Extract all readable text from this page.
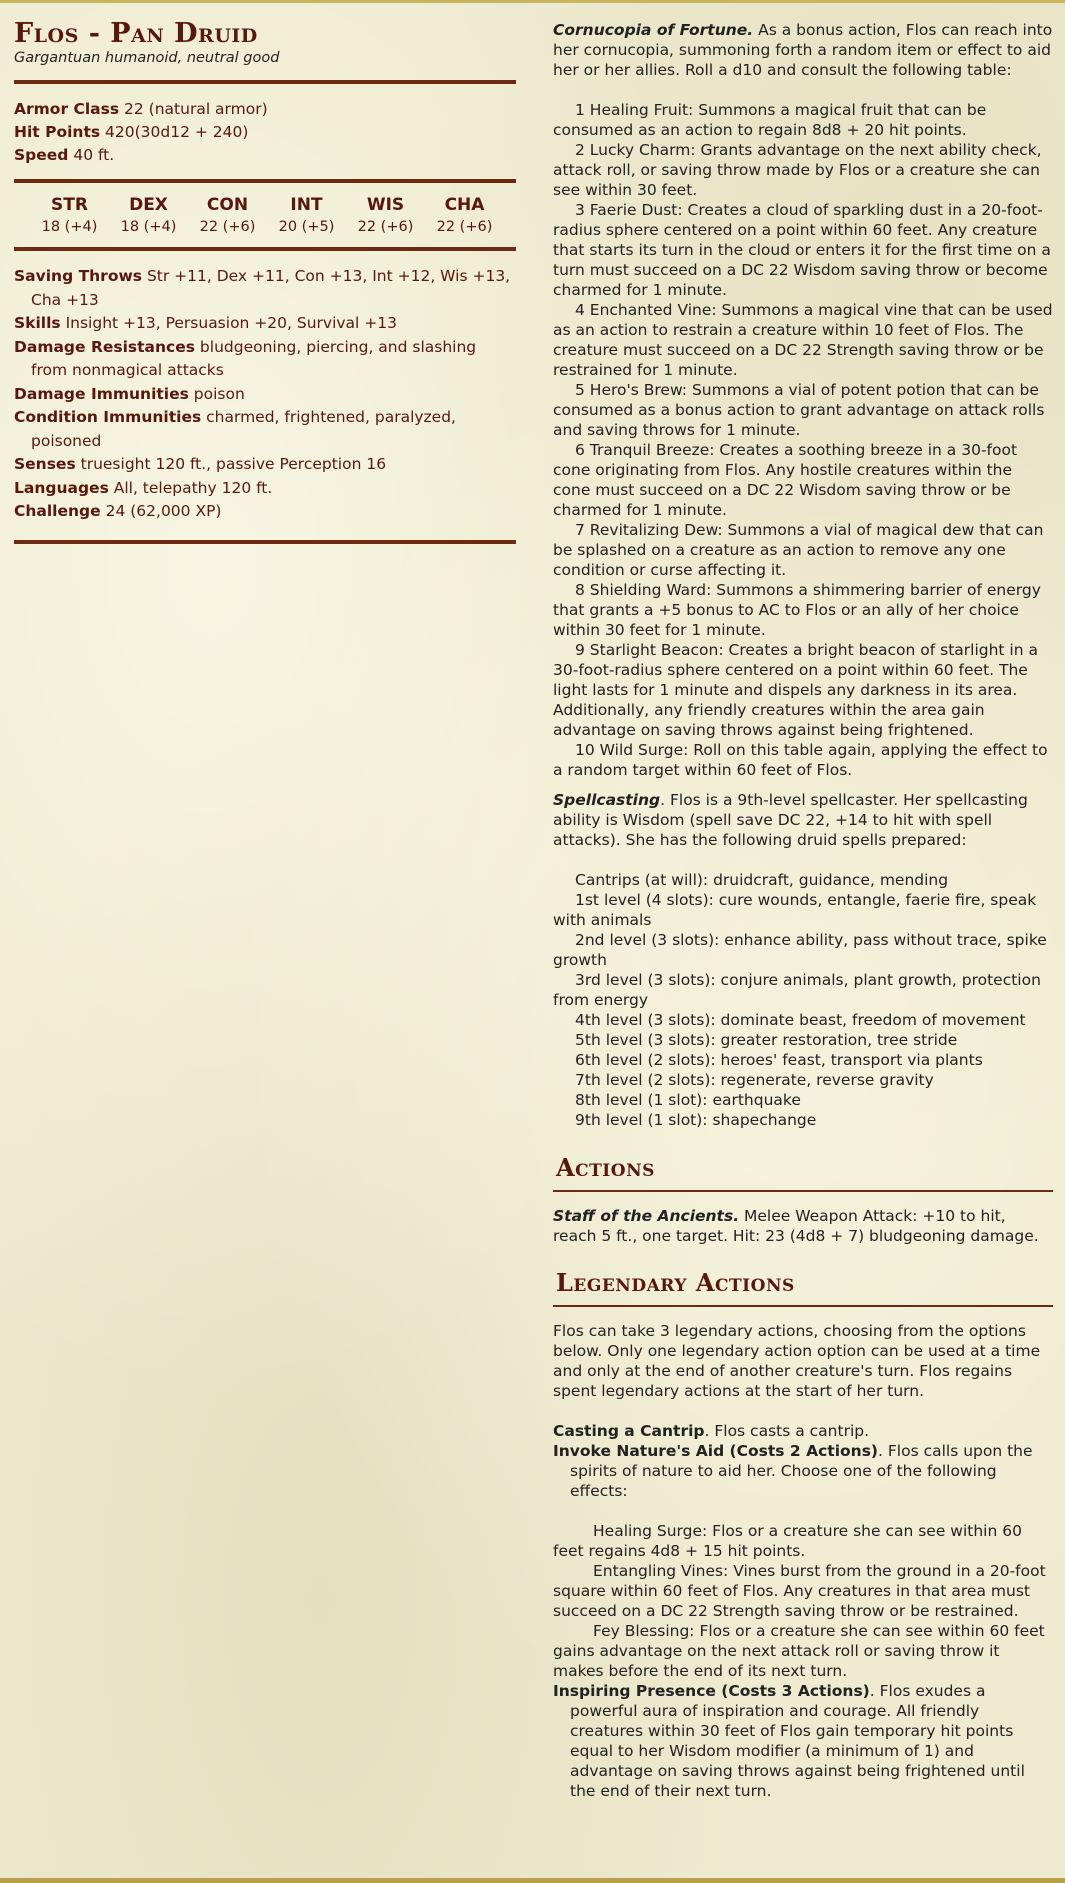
Flos - Pan Druid
Gargantuan humanoid, neutral good
Armor Class 22 (natural armor)
Hit Points 420(30d12 + 240)
Speed 40 ft.
STR
18 (+4)
DEX
18 (+4)
CON
22 (+6)
INT
20 (+5)
WIS
22 (+6)
CHA
22 (+6)
Saving Throws Str +11, Dex +11, Con +13, Int +12, Wis +13, Cha +13
Skills Insight +13, Persuasion +20, Survival +13
Damage Resistances bludgeoning, piercing, and slashing from nonmagical attacks
Damage Immunities poison
Condition Immunities charmed, frightened, paralyzed, poisoned
Senses truesight 120 ft., passive Perception 16
Languages All, telepathy 120 ft.
Challenge 24 (62,000 XP)

Cornucopia of Fortune. As a bonus action, Flos can reach into her cornucopia, summoning forth a random item or effect to aid her or her allies. Roll a d10 and consult the following table:

1 Healing Fruit: Summons a magical fruit that can be consumed as an action to regain 8d8 + 20 hit points.

2 Lucky Charm: Grants advantage on the next ability check, attack roll, or saving throw made by Flos or a creature she can see within 30 feet.

3 Faerie Dust: Creates a cloud of sparkling dust in a 20-foot-radius sphere centered on a point within 60 feet. Any creature that starts its turn in the cloud or enters it for the first time on a turn must succeed on a DC 22 Wisdom saving throw or become charmed for 1 minute.

4 Enchanted Vine: Summons a magical vine that can be used as an action to restrain a creature within 10 feet of Flos. The creature must succeed on a DC 22 Strength saving throw or be restrained for 1 minute.

5 Hero's Brew: Summons a vial of potent potion that can be consumed as a bonus action to grant advantage on attack rolls and saving throws for 1 minute.

6 Tranquil Breeze: Creates a soothing breeze in a 30-foot cone originating from Flos. Any hostile creatures within the cone must succeed on a DC 22 Wisdom saving throw or be charmed for 1 minute.

7 Revitalizing Dew: Summons a vial of magical dew that can be splashed on a creature as an action to remove any one condition or curse affecting it.

8 Shielding Ward: Summons a shimmering barrier of energy that grants a +5 bonus to AC to Flos or an ally of her choice within 30 feet for 1 minute.

9 Starlight Beacon: Creates a bright beacon of starlight in a 30-foot-radius sphere centered on a point within 60 feet. The light lasts for 1 minute and dispels any darkness in its area. Additionally, any friendly creatures within the area gain advantage on saving throws against being frightened.

10 Wild Surge: Roll on this table again, applying the effect to a random target within 60 feet of Flos.

Spellcasting. Flos is a 9th-level spellcaster. Her spellcasting ability is Wisdom (spell save DC 22, +14 to hit with spell attacks). She has the following druid spells prepared:

Cantrips (at will): druidcraft, guidance, mending

1st level (4 slots): cure wounds, entangle, faerie fire, speak with animals

2nd level (3 slots): enhance ability, pass without trace, spike growth

3rd level (3 slots): conjure animals, plant growth, protection from energy

4th level (3 slots): dominate beast, freedom of movement

5th level (3 slots): greater restoration, tree stride

6th level (2 slots): heroes' feast, transport via plants

7th level (2 slots): regenerate, reverse gravity

8th level (1 slot): earthquake

9th level (1 slot): shapechange

Actions

Staff of the Ancients. Melee Weapon Attack: +10 to hit, reach 5 ft., one target. Hit: 23 (4d8 + 7) bludgeoning damage.

Legendary Actions

Flos can take 3 legendary actions, choosing from the options below. Only one legendary action option can be used at a time and only at the end of another creature's turn. Flos regains spent legendary actions at the start of her turn.

Casting a Cantrip. Flos casts a cantrip.

Invoke Nature's Aid (Costs 2 Actions). Flos calls upon the spirits of nature to aid her. Choose one of the following effects:

Healing Surge: Flos or a creature she can see within 60 feet regains 4d8 + 15 hit points.

Entangling Vines: Vines burst from the ground in a 20-foot square within 60 feet of Flos. Any creatures in that area must succeed on a DC 22 Strength saving throw or be restrained.

Fey Blessing: Flos or a creature she can see within 60 feet gains advantage on the next attack roll or saving throw it makes before the end of its next turn.

Inspiring Presence (Costs 3 Actions). Flos exudes a powerful aura of inspiration and courage. All friendly creatures within 30 feet of Flos gain temporary hit points equal to her Wisdom modifier (a minimum of 1) and advantage on saving throws against being frightened until the end of their next turn.
